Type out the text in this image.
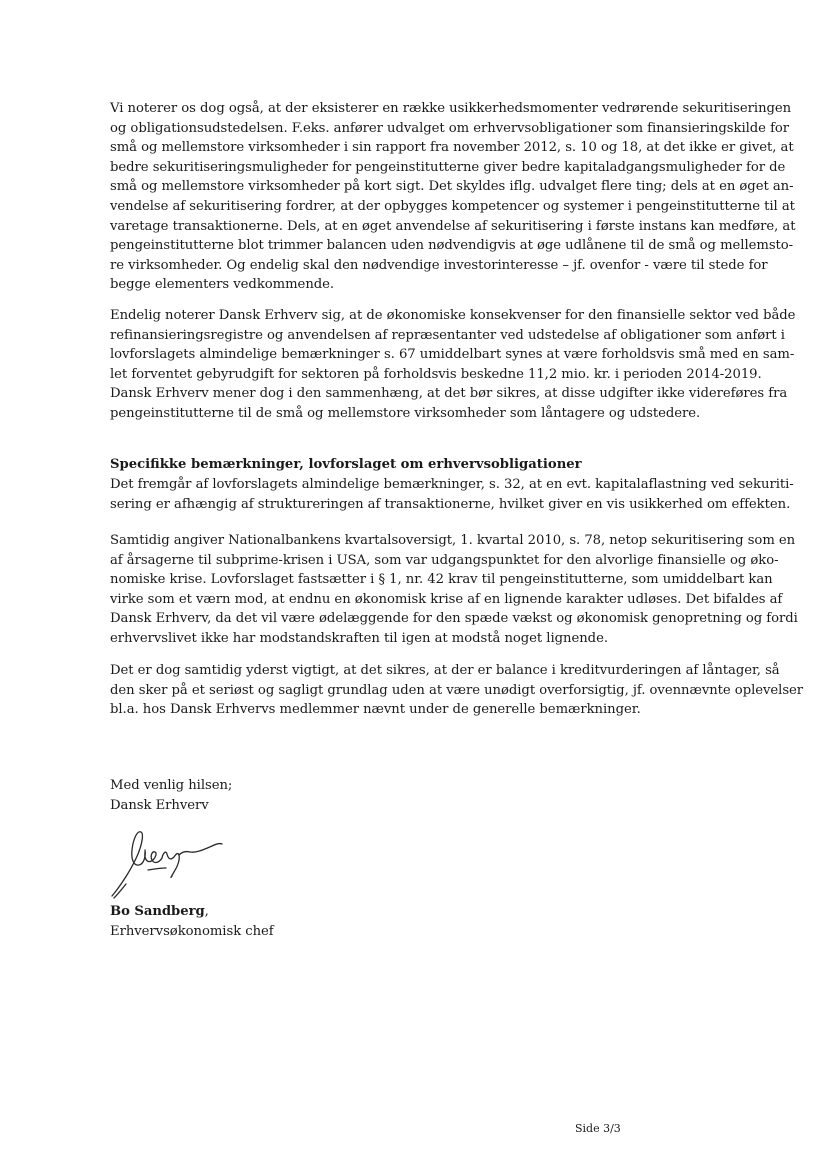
Vi noterer os dog også, at der eksisterer en række usikkerhedsmomenter vedrørende sekuritiseringen
og obligationsudstedelsen. F.eks. anfører udvalget om erhvervsobligationer som finansieringskilde for
små og mellemstore virksomheder i sin rapport fra november 2012, s. 10 og 18, at det ikke er givet, at
bedre sekuritiseringsmuligheder for pengeinstitutterne giver bedre kapitaladgangsmuligheder for de
små og mellemstore virksomheder på kort sigt. Det skyldes iflg. udvalget flere ting; dels at en øget an-
vendelse af sekuritisering fordrer, at der opbygges kompetencer og systemer i pengeinstitutterne til at
varetage transaktionerne. Dels, at en øget anvendelse af sekuritisering i første instans kan medføre, at
pengeinstitutterne blot trimmer balancen uden nødvendigvis at øge udlånene til de små og mellemsto-
re virksomheder. Og endelig skal den nødvendige investorinteresse – jf. ovenfor - være til stede for
begge elementers vedkommende.
Endelig noterer Dansk Erhverv sig, at de økonomiske konsekvenser for den finansielle sektor ved både
refinansieringsregistre og anvendelsen af repræsentanter ved udstedelse af obligationer som anført i
lovforslagets almindelige bemærkninger s. 67 umiddelbart synes at være forholdsvis små med en sam-
let forventet gebyrudgift for sektoren på forholdsvis beskedne 11,2 mio. kr. i perioden 2014-2019.
Dansk Erhverv mener dog i den sammenhæng, at det bør sikres, at disse udgifter ikke videreføres fra
pengeinstitutterne til de små og mellemstore virksomheder som låntagere og udstedere.
Specifikke bemærkninger, lovforslaget om erhvervsobligationer
Det fremgår af lovforslagets almindelige bemærkninger, s. 32, at en evt. kapitalaflastning ved sekuriti-
sering er afhængig af struktureringen af transaktionerne, hvilket giver en vis usikkerhed om effekten.
Samtidig angiver Nationalbankens kvartalsoversigt, 1. kvartal 2010, s. 78, netop sekuritisering som en
af årsagerne til subprime-krisen i USA, som var udgangspunktet for den alvorlige finansielle og øko-
nomiske krise. Lovforslaget fastsætter i § 1, nr. 42 krav til pengeinstitutterne, som umiddelbart kan
virke som et værn mod, at endnu en økonomisk krise af en lignende karakter udløses. Det bifaldes af
Dansk Erhverv, da det vil være ødelæggende for den spæde vækst og økonomisk genopretning og fordi
erhvervslivet ikke har modstandskraften til igen at modstå noget lignende.
Det er dog samtidig yderst vigtigt, at det sikres, at der er balance i kreditvurderingen af låntager, så
den sker på et seriøst og sagligt grundlag uden at være unødigt overforsigtig, jf. ovennævnte oplevelser
bl.a. hos Dansk Erhvervs medlemmer nævnt under de generelle bemærkninger.
Med venlig hilsen;
Dansk Erhverv
Bo Sandberg,
Erhvervsøkonomisk chef
Side 3/3
